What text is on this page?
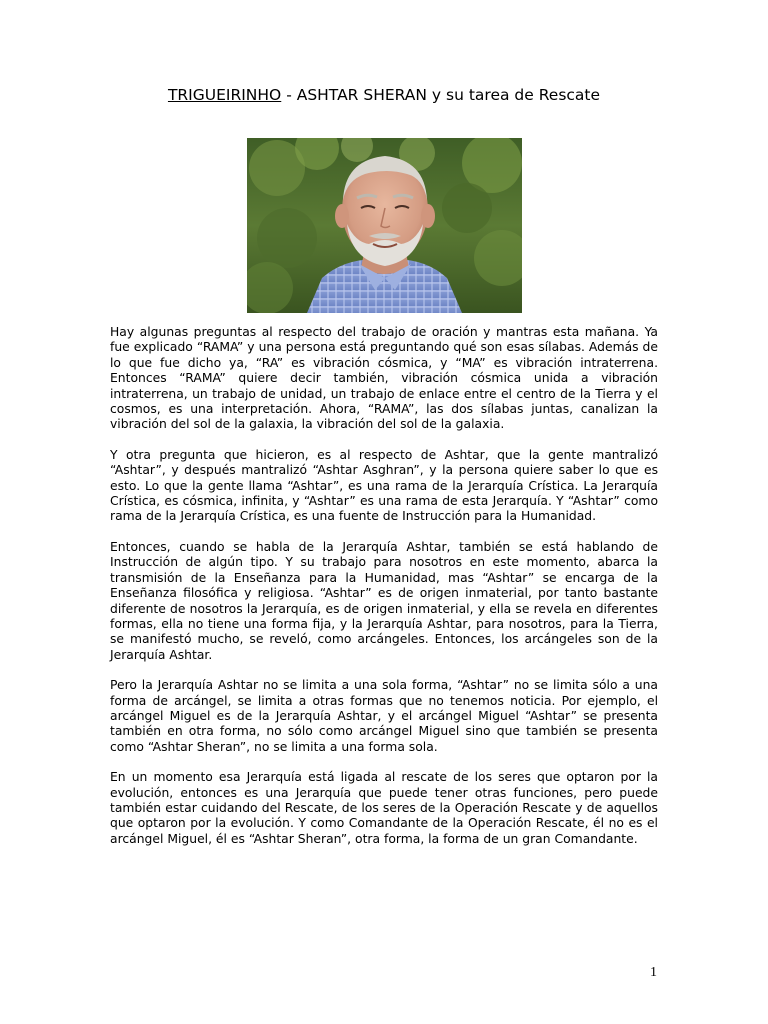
TRIGUEIRINHO - ASHTAR SHERAN y su tarea de Rescate

Hay algunas preguntas al respecto del trabajo de oración y mantras esta mañana. Ya fue explicado “RAMA” y una persona está preguntando qué son esas sílabas. Además de lo que fue dicho ya, “RA” es vibración cósmica, y “MA” es vibración intraterrena. Entonces “RAMA” quiere decir también, vibración cósmica unida a vibración intraterrena, un trabajo de unidad, un trabajo de enlace entre el centro de la Tierra y el cosmos, es una interpretación. Ahora, “RAMA”, las dos sílabas juntas, canalizan la vibración del sol de la galaxia, la vibración del sol de la galaxia.

Y otra pregunta que hicieron, es al respecto de Ashtar, que la gente mantralizó “Ashtar”, y después mantralizó “Ashtar Asghran”, y la persona quiere saber lo que es esto. Lo que la gente llama “Ashtar”, es una rama de la Jerarquía Crística. La Jerarquía Crística, es cósmica, infinita, y “Ashtar” es una rama de esta Jerarquía. Y “Ashtar” como rama de la Jerarquía Crística, es una fuente de Instrucción para la Humanidad.

Entonces, cuando se habla de la Jerarquía Ashtar, también se está hablando de Instrucción de algún tipo. Y su trabajo para nosotros en este momento, abarca la transmisión de la Enseñanza para la Humanidad, mas “Ashtar” se encarga de la Enseñanza filosófica y religiosa. “Ashtar” es de origen inmaterial, por tanto bastante diferente de nosotros la Jerarquía, es de origen inmaterial, y ella se revela en diferentes formas, ella no tiene una forma fija, y la Jerarquía Ashtar, para nosotros, para la Tierra, se manifestó mucho, se reveló, como arcángeles. Entonces, los arcángeles son de la Jerarquía Ashtar.

Pero la Jerarquía Ashtar no se limita a una sola forma, “Ashtar” no se limita sólo a una forma de arcángel, se limita a otras formas que no tenemos noticia. Por ejemplo, el arcángel Miguel es de la Jerarquía Ashtar, y el arcángel Miguel “Ashtar” se presenta también en otra forma, no sólo como arcángel Miguel sino que también se presenta como “Ashtar Sheran”, no se limita a una forma sola.

En un momento esa Jerarquía está ligada al rescate de los seres que optaron por la evolución, entonces es una Jerarquía que puede tener otras funciones, pero puede también estar cuidando del Rescate, de los seres de la Operación Rescate y de aquellos que optaron por la evolución. Y como Comandante de la Operación Rescate, él no es el arcángel Miguel, él es “Ashtar Sheran”, otra forma, la forma de un gran Comandante.

1
